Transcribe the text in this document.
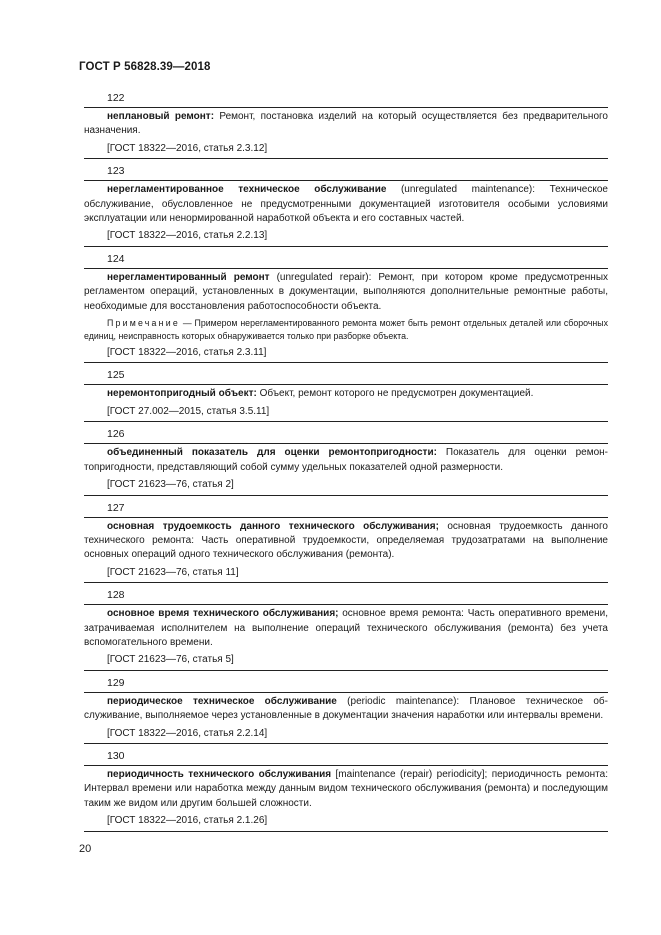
ГОСТ Р 56828.39—2018
122

неплановый ремонт: Ремонт, постановка изделий на который осуществляется без предварительного назначения.

[ГОСТ 18322—2016, статья 2.3.12]
123

нерегламентированное техническое обслуживание (unregulated maintenance): Техническое обслуживание, обусловленное не предусмотренными документацией изготовителя особыми условиями эксплуатации или ненормированной наработкой объекта и его составных частей.

[ГОСТ 18322—2016, статья 2.2.13]
124

нерегламентированный ремонт (unregulated repair): Ремонт, при котором кроме предусмотренных регламентом операций, установленных в документации, выполняются дополнительные ремонтные работы, необходимые для восстановления работоспособности объекта.

Примечание — Примером нерегламентированного ремонта может быть ремонт отдельных деталей или сборочных единиц, неисправность которых обнаруживается только при разборке объекта.

[ГОСТ 18322—2016, статья 2.3.11]
125

неремонтопригодный объект: Объект, ремонт которого не предусмотрен документацией.

[ГОСТ 27.002—2015, статья 3.5.11]
126

объединенный показатель для оценки ремонтопригодности: Показатель для оценки ремонтопригодности, представляющий собой сумму удельных показателей одной размерности.

[ГОСТ 21623—76, статья 2]
127

основная трудоемкость данного технического обслуживания; основная трудоемкость данного технического ремонта: Часть оперативной трудоемкости, определяемая трудозатратами на выполнение основных операций одного технического обслуживания (ремонта).

[ГОСТ 21623—76, статья 11]
128

основное время технического обслуживания; основное время ремонта: Часть оперативного времени, затрачиваемая исполнителем на выполнение операций технического обслуживания (ремонта) без учета вспомогательного времени.

[ГОСТ 21623—76, статья 5]
129

периодическое техническое обслуживание (periodic maintenance): Плановое техническое обслуживание, выполняемое через установленные в документации значения наработки или интервалы времени.

[ГОСТ 18322—2016, статья 2.2.14]
130

периодичность технического обслуживания [maintenance (repair) periodicity]; периодичность ремонта: Интервал времени или наработка между данным видом технического обслуживания (ремонта) и последующим таким же видом или другим большей сложности.

[ГОСТ 18322—2016, статья 2.1.26]
20
